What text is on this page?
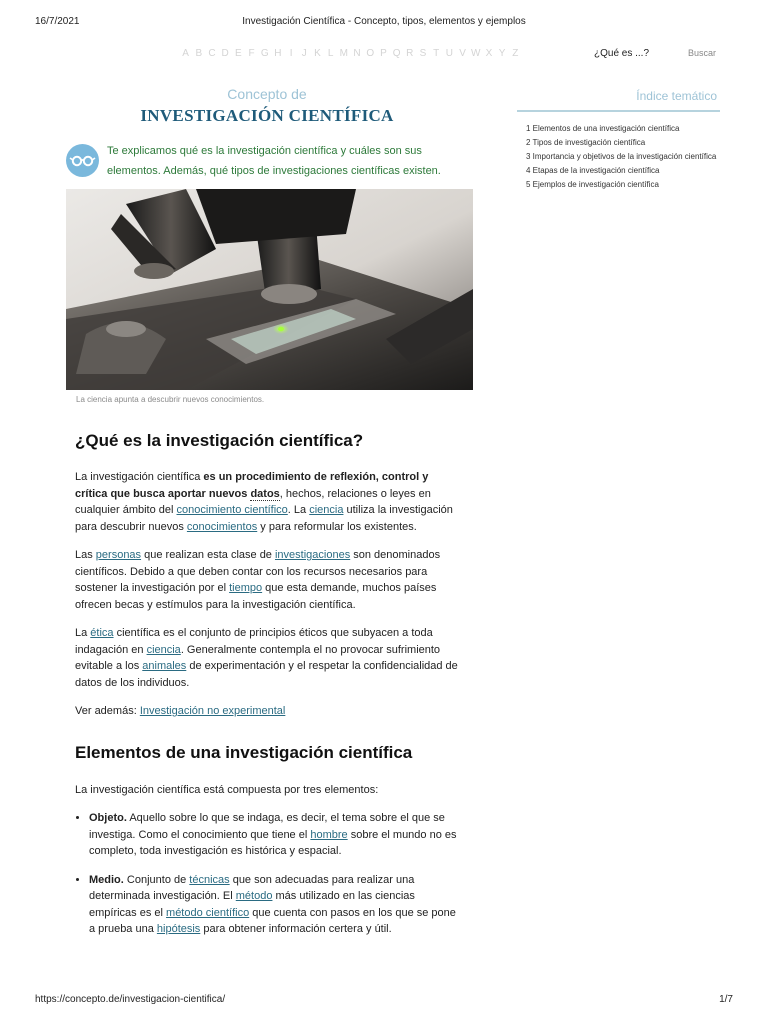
16/7/2021	Investigación Científica - Concepto, tipos, elementos y ejemplos
A B C D E F G H I J K L M N O P Q R S T U V W X Y Z	¿Qué es ...?	Buscar
Concepto de
INVESTIGACIÓN CIENTÍFICA
Te explicamos qué es la investigación científica y cuáles son sus elementos. Además, qué tipos de investigaciones científicas existen.
La ciencia apunta a descubrir nuevos conocimientos.
Índice temático
1 Elementos de una investigación científica
2 Tipos de investigación científica
3 Importancia y objetivos de la investigación científica
4 Etapas de la investigación científica
5 Ejemplos de investigación científica
¿Qué es la investigación científica?

La investigación científica es un procedimiento de reflexión, control y crítica que busca aportar nuevos datos, hechos, relaciones o leyes en cualquier ámbito del conocimiento científico. La ciencia utiliza la investigación para descubrir nuevos conocimientos y para reformular los existentes.

Las personas que realizan esta clase de investigaciones son denominados científicos. Debido a que deben contar con los recursos necesarios para sostener la investigación por el tiempo que esta demande, muchos países ofrecen becas y estímulos para la investigación científica.

La ética científica es el conjunto de principios éticos que subyacen a toda indagación en ciencia. Generalmente contempla el no provocar sufrimiento evitable a los animales de experimentación y el respetar la confidencialidad de datos de los individuos.

Ver además: Investigación no experimental

Elementos de una investigación científica

La investigación científica está compuesta por tres elementos:

• Objeto. Aquello sobre lo que se indaga, es decir, el tema sobre el que se investiga. Como el conocimiento que tiene el hombre sobre el mundo no es completo, toda investigación es histórica y espacial.
• Medio. Conjunto de técnicas que son adecuadas para realizar una determinada investigación. El método más utilizado en las ciencias empíricas es el método científico que cuenta con pasos en los que se pone a prueba una hipótesis para obtener información certera y útil.
https://concepto.de/investigacion-cientifica/	1/7
